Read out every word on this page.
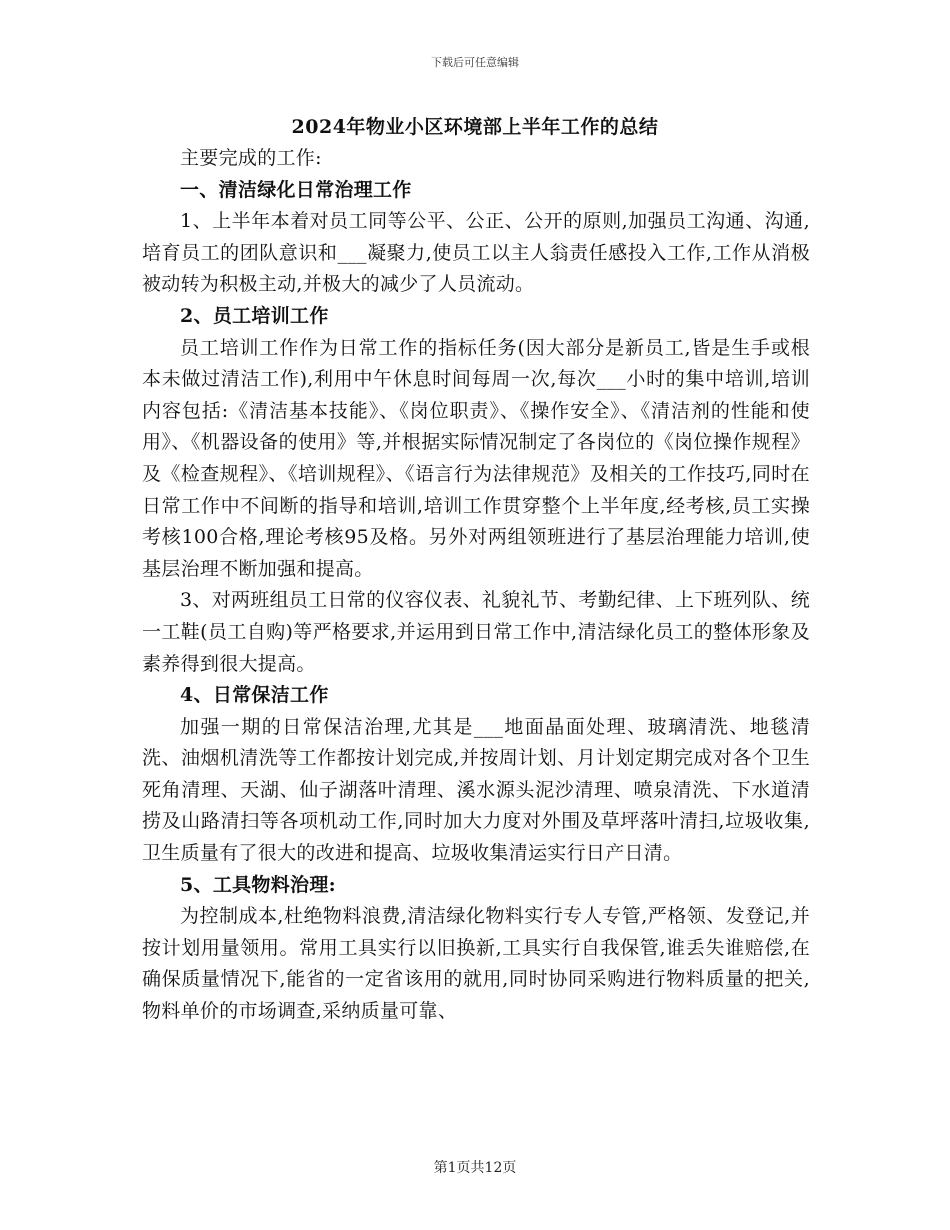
下载后可任意编辑
2024年物业小区环境部上半年工作的总结

主要完成的工作:

一、清洁绿化日常治理工作

1、上半年本着对员工同等公平、公正、公开的原则,加强员工沟通、沟通,培育员工的团队意识和___凝聚力,使员工以主人翁责任感投入工作,工作从消极被动转为积极主动,并极大的减少了人员流动。

2、员工培训工作

员工培训工作作为日常工作的指标任务(因大部分是新员工,皆是生手或根本未做过清洁工作),利用中午休息时间每周一次,每次___小时的集中培训,培训内容包括:《清洁基本技能》、《岗位职责》、《操作安全》、《清洁剂的性能和使用》、《机器设备的使用》等,并根据实际情况制定了各岗位的《岗位操作规程》及《检查规程》、《培训规程》、《语言行为法律规范》及相关的工作技巧,同时在日常工作中不间断的指导和培训,培训工作贯穿整个上半年度,经考核,员工实操考核100合格,理论考核95及格。另外对两组领班进行了基层治理能力培训,使基层治理不断加强和提高。

3、对两班组员工日常的仪容仪表、礼貌礼节、考勤纪律、上下班列队、统一工鞋(员工自购)等严格要求,并运用到日常工作中,清洁绿化员工的整体形象及素养得到很大提高。

4、日常保洁工作

加强一期的日常保洁治理,尤其是___地面晶面处理、玻璃清洗、地毯清洗、油烟机清洗等工作都按计划完成,并按周计划、月计划定期完成对各个卫生死角清理、天湖、仙子湖落叶清理、溪水源头泥沙清理、喷泉清洗、下水道清捞及山路清扫等各项机动工作,同时加大力度对外围及草坪落叶清扫,垃圾收集,卫生质量有了很大的改进和提高、垃圾收集清运实行日产日清。

5、工具物料治理:

为控制成本,杜绝物料浪费,清洁绿化物料实行专人专管,严格领、发登记,并按计划用量领用。常用工具实行以旧换新,工具实行自我保管,谁丢失谁赔偿,在确保质量情况下,能省的一定省该用的就用,同时协同采购进行物料质量的把关,物料单价的市场调查,采纳质量可靠、

第1页共12页
